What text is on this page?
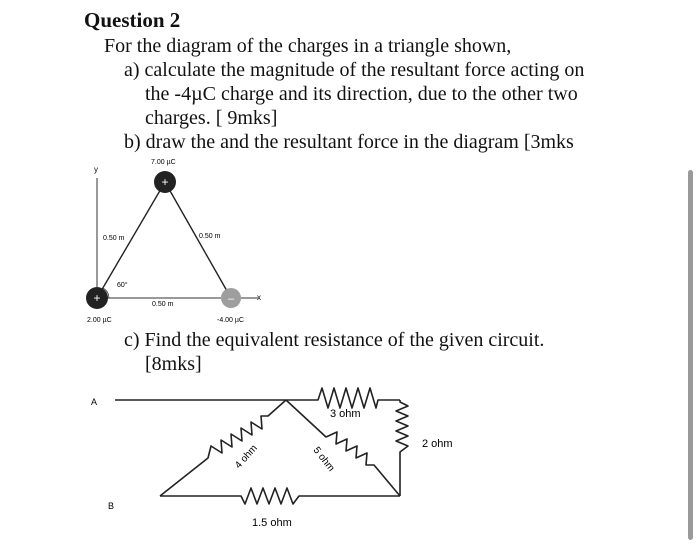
Question 2
For the diagram of the charges in a triangle shown,
a) calculate the magnitude of the resultant force acting on
the -4µC charge and its direction, due to the other two
charges. [ 9mks]
b) draw the and the resultant force in the diagram [3mks
c) Find the equivalent resistance of the given circuit.
[8mks]
y
x
60°
0.50 m	0.50 m
0.50 m
+
7.00 µC
+
2.00 µC
–
-4.00 µC
A
B
3 ohm
2 ohm
1.5 ohm
4 ohm	5 ohm
